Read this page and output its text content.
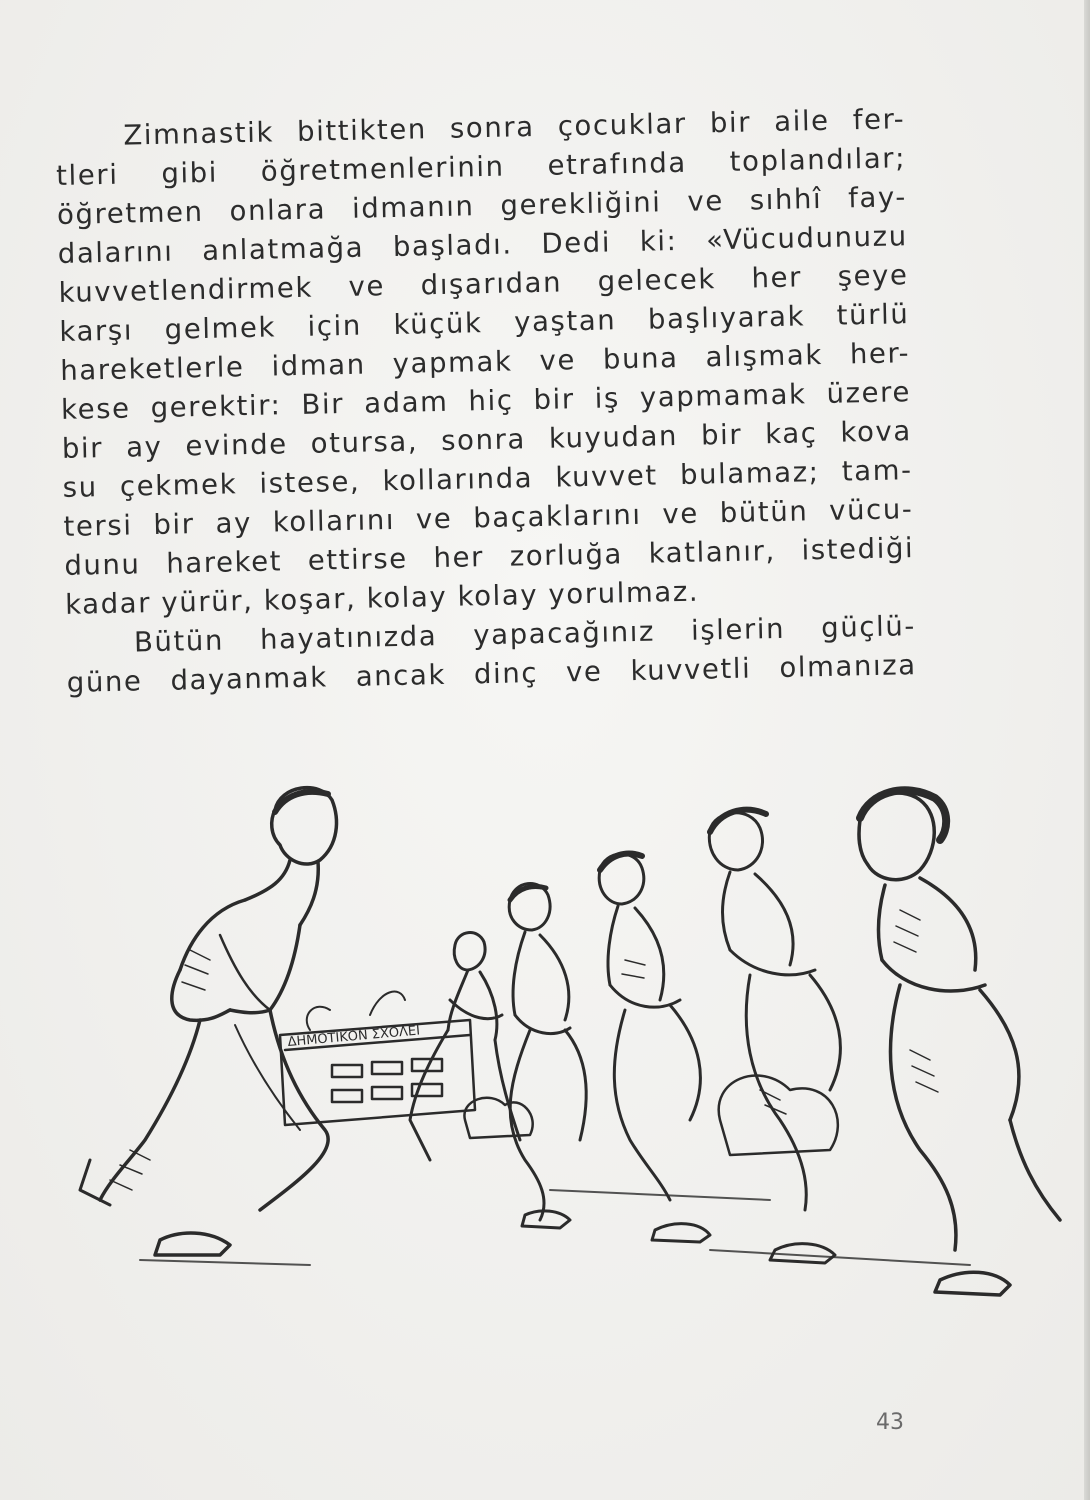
Zimnastik bittikten sonra çocuklar bir aile fer-
tleri gibi öğretmenlerinin etrafında toplandılar;
öğretmen onlara idmanın gerekliğini ve sıhhî fay-
dalarını anlatmağa başladı. Dedi ki: «Vücudunuzu
kuvvetlendirmek ve dışarıdan gelecek her şeye
karşı gelmek için küçük yaştan başlıyarak türlü
hareketlerle idman yapmak ve buna alışmak her-
kese gerektir: Bir adam hiç bir iş yapmamak üzere
bir ay evinde otursa, sonra kuyudan bir kaç kova
su çekmek istese, kollarında kuvvet bulamaz; tam-
tersi bir ay kollarını ve baçaklarını ve bütün vücu-
dunu hareket ettirse her zorluğa katlanır, istediği
kadar yürür, koşar, kolay kolay yorulmaz.
Bütün hayatınızda yapacağınız işlerin güçlü-
güne dayanmak ancak dinç ve kuvvetli olmanıza
ΔΗΜΟΤΙΚΟΝ ΣΧΟΛΕΙ
43
